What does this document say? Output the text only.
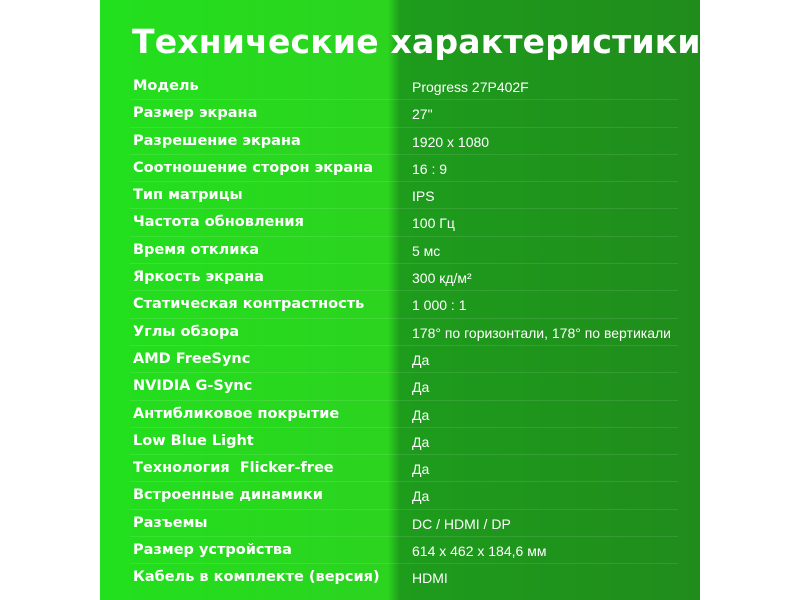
Технические характеристики
Модель	Progress 27P402F
Размер экрана	27"
Разрешение экрана	1920 x 1080
Соотношение сторон экрана	16 : 9
Тип матрицы	IPS
Частота обновления	100 Гц
Время отклика	5 мс
Яркость экрана	300 кд/м²
Статическая контрастность	1 000 : 1
Углы обзора	178° по горизонтали, 178° по вертикали
AMD FreeSync	Да
NVIDIA G-Sync	Да
Антибликовое покрытие	Да
Low Blue Light	Да
Технология  Flicker-free	Да
Встроенные динамики	Да
Разъемы	DC / HDMI / DP
Размер устройства	614 x 462 x 184,6 мм
Кабель в комплекте (версия) HDMI
